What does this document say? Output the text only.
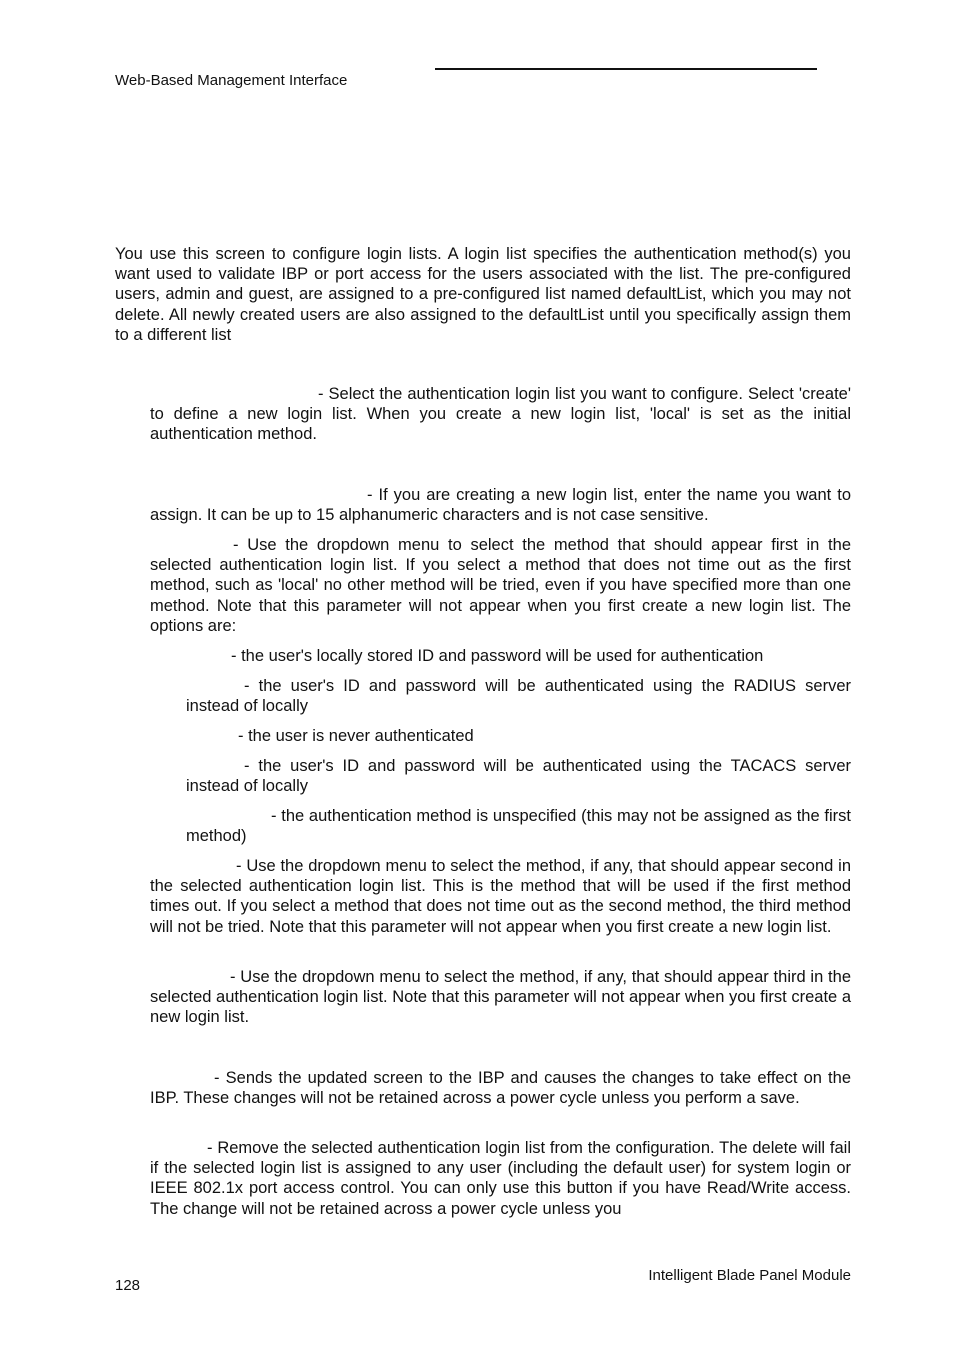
Web-Based Management Interface
You use this screen to configure login lists. A login list specifies the authentication method(s) you want used to validate IBP or port access for the users associated with the list. The pre-configured users, admin and guest, are assigned to a pre-configured list named defaultList, which you may not delete. All newly created users are also assigned to the defaultList until you specifically assign them to a different list
- Select the authentication login list you want to configure. Select 'create' to define a new login list. When you create a new login list, 'local' is set as the initial authentication method.
- If you are creating a new login list, enter the name you want to assign. It can be up to 15 alphanumeric characters and is not case sensitive.
- Use the dropdown menu to select the method that should appear first in the selected authentication login list. If you select a method that does not time out as the first method, such as 'local' no other method will be tried, even if you have specified more than one method. Note that this parameter will not appear when you first create a new login list. The options are:
- the user's locally stored ID and password will be used for authentication
- the user's ID and password will be authenticated using the RADIUS server instead of locally
- the user is never authenticated
- the user's ID and password will be authenticated using the TACACS server instead of locally
- the authentication method is unspecified (this may not be assigned as the first method)
- Use the dropdown menu to select the method, if any, that should appear second in the selected authentication login list. This is the method that will be used if the first method times out. If you select a method that does not time out as the second method, the third method will not be tried. Note that this parameter will not appear when you first create a new login list.
- Use the dropdown menu to select the method, if any, that should appear third in the selected authentication login list. Note that this parameter will not appear when you first create a new login list.
- Sends the updated screen to the IBP and causes the changes to take effect on the IBP. These changes will not be retained across a power cycle unless you perform a save.
- Remove the selected authentication login list from the configuration. The delete will fail if the selected login list is assigned to any user (including the default user) for system login or IEEE 802.1x port access control. You can only use this button if you have Read/Write access. The change will not be retained across a power cycle unless you
128
Intelligent Blade Panel Module
